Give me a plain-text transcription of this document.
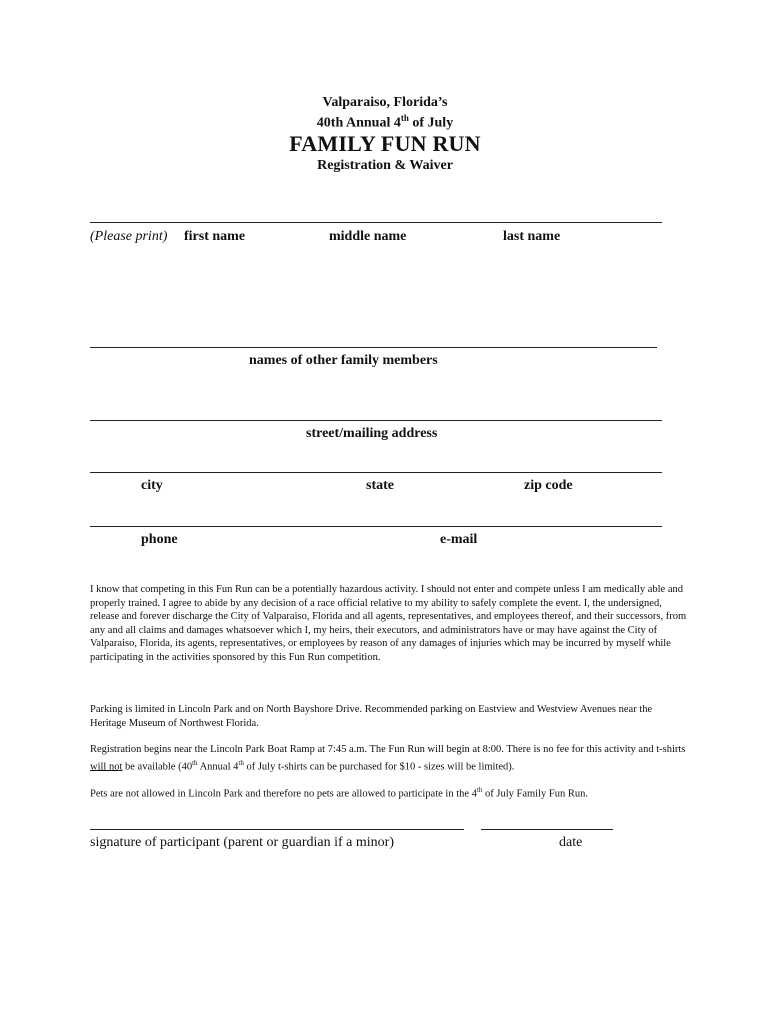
Valparaiso, Florida’s
40th Annual 4th of July
FAMILY FUN RUN
Registration & Waiver
(Please print) first name	middle name	last name
names of other family members
street/mailing address
city	state	zip code
phone	e-mail

I know that competing in this Fun Run can be a potentially hazardous activity. I should not enter and compete unless I am medically able and properly trained. I agree to abide by any decision of a race official relative to my ability to safely complete the event. I, the undersigned, release and forever discharge the City of Valparaiso, Florida and all agents, representatives, and employees thereof, and their successors, from any and all claims and damages whatsoever which I, my heirs, their executors, and administrators have or may have against the City of Valparaiso, Florida, its agents, representatives, or employees by reason of any damages of injuries which may be incurred by myself while participating in the activities sponsored by this Fun Run competition.

Parking is limited in Lincoln Park and on North Bayshore Drive. Recommended parking on Eastview and Westview Avenues near the Heritage Museum of Northwest Florida.

Registration begins near the Lincoln Park Boat Ramp at 7:45 a.m. The Fun Run will begin at 8:00. There is no fee for this activity and t-shirts will not be available (40th Annual 4th of July t-shirts can be purchased for $10 - sizes will be limited).

Pets are not allowed in Lincoln Park and therefore no pets are allowed to participate in the 4th of July Family Fun Run.

signature of participant (parent or guardian if a minor)	date
